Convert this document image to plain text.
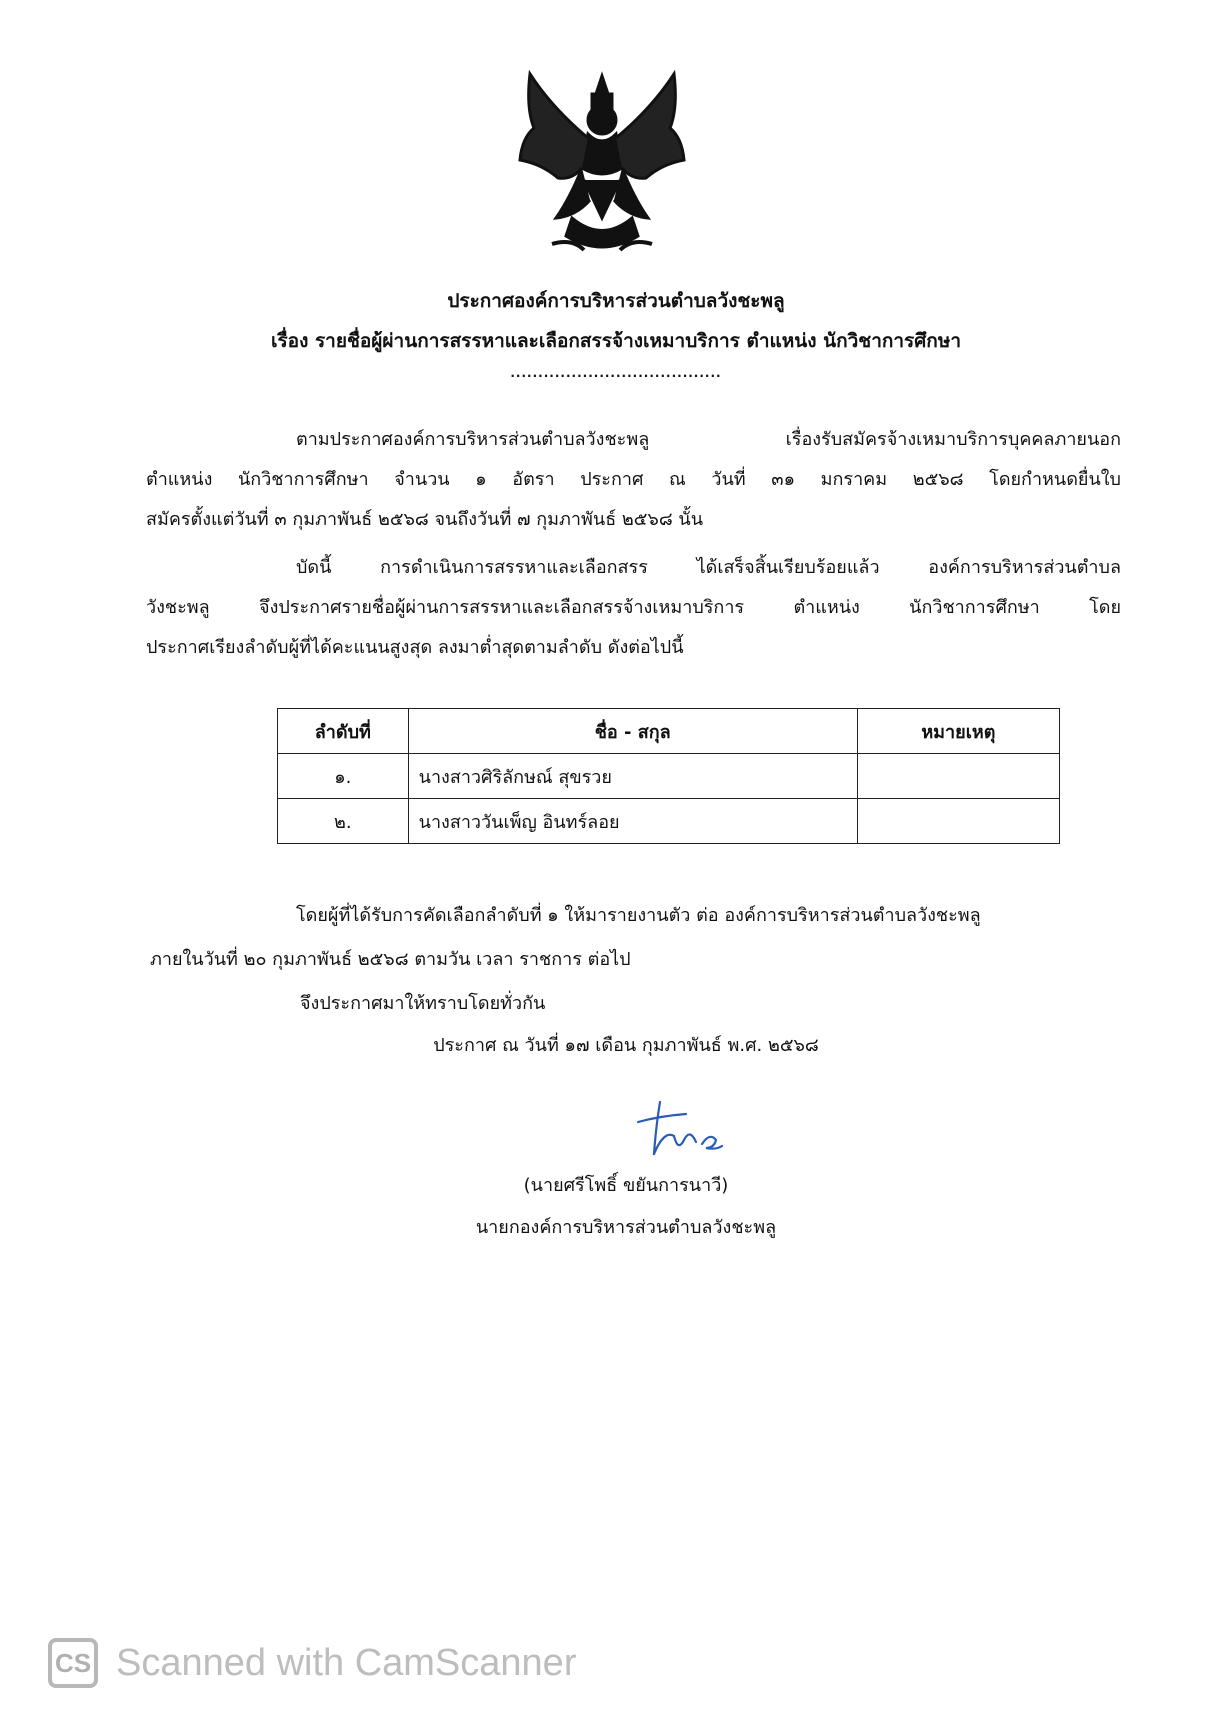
ประกาศองค์การบริหารส่วนตำบลวังชะพลู
เรื่อง รายชื่อผู้ผ่านการสรรหาและเลือกสรรจ้างเหมาบริการ ตำแหน่ง นักวิชาการศึกษา
......................................
ตามประกาศองค์การบริหารส่วนตำบลวังชะพลู เรื่องรับสมัครจ้างเหมาบริการบุคคลภายนอก
ตำแหน่ง นักวิชาการศึกษา จำนวน ๑ อัตรา ประกาศ ณ วันที่ ๓๑ มกราคม ๒๕๖๘ โดยกำหนดยื่นใบ
สมัครตั้งแต่วันที่ ๓ กุมภาพันธ์ ๒๕๖๘ จนถึงวันที่ ๗ กุมภาพันธ์ ๒๕๖๘ นั้น
บัดนี้ การดำเนินการสรรหาและเลือกสรร ได้เสร็จสิ้นเรียบร้อยแล้ว องค์การบริหารส่วนตำบล
วังชะพลู จึงประกาศรายชื่อผู้ผ่านการสรรหาและเลือกสรรจ้างเหมาบริการ ตำแหน่ง นักวิชาการศึกษา โดย
ประกาศเรียงลำดับผู้ที่ได้คะแนนสูงสุด ลงมาต่ำสุดตามลำดับ ดังต่อไปนี้
ลำดับที่	ชื่อ - สกุล	หมายเหตุ
๑.	นางสาวศิริลักษณ์ สุขรวย	
๒.	นางสาววันเพ็ญ อินทร์ลอย	
โดยผู้ที่ได้รับการคัดเลือกลำดับที่ ๑ ให้มารายงานตัว ต่อ องค์การบริหารส่วนตำบลวังชะพลู
ภายในวันที่ ๒๐ กุมภาพันธ์ ๒๕๖๘ ตามวัน เวลา ราชการ ต่อไป
จึงประกาศมาให้ทราบโดยทั่วกัน
ประกาศ ณ วันที่ ๑๗ เดือน กุมภาพันธ์ พ.ศ. ๒๕๖๘
(นายศรีโพธิ์ ขยันการนาวี)
นายกองค์การบริหารส่วนตำบลวังชะพลู
CS Scanned with CamScanner
